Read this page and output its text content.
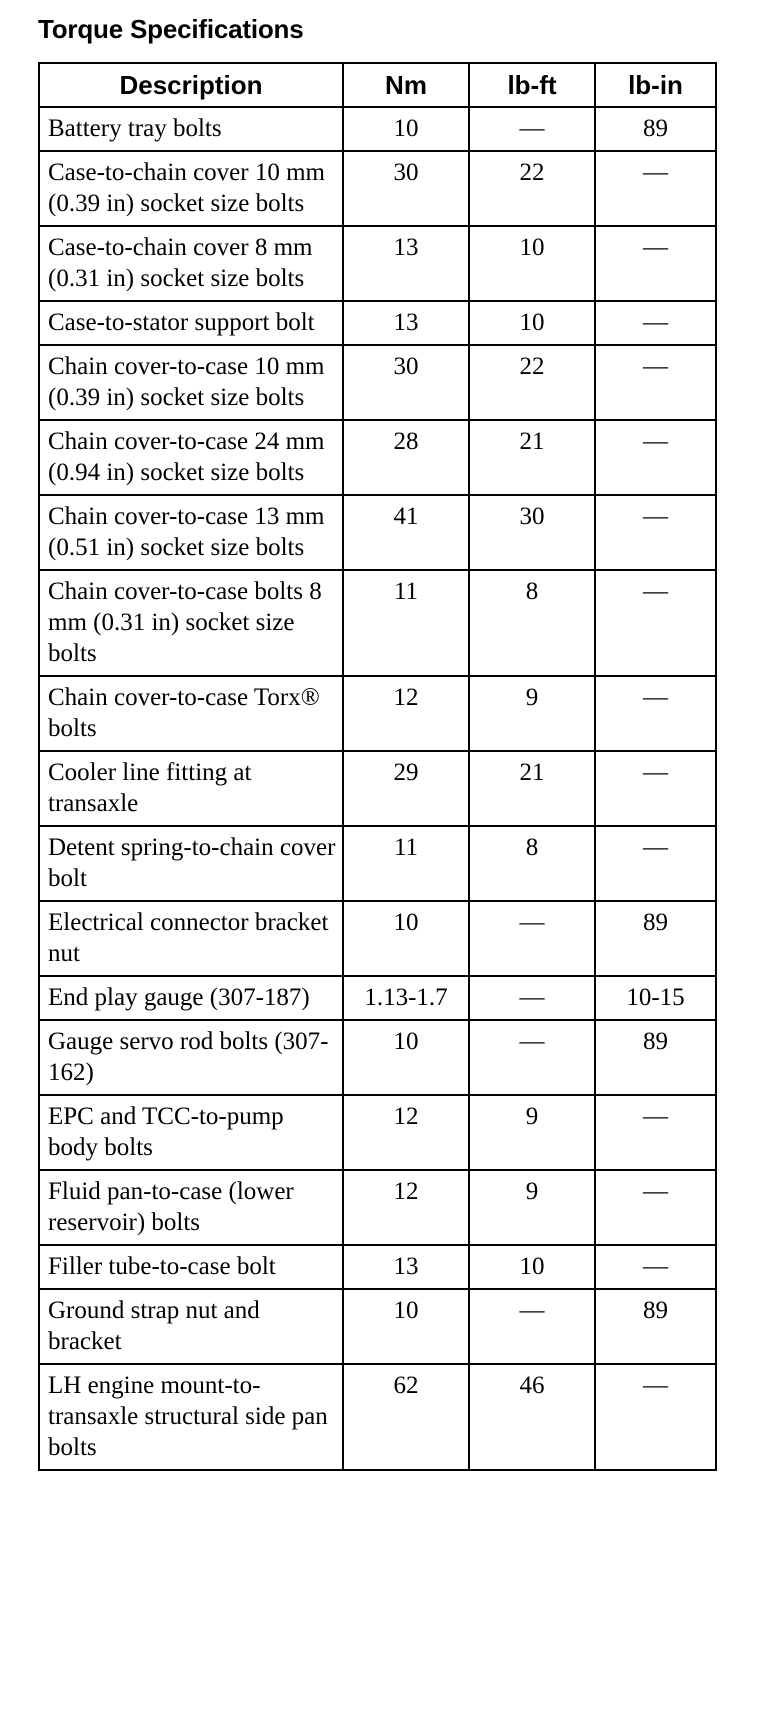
Torque Specifications
Description	Nm	lb-ft	lb-in
Battery tray bolts	10	—	89
Case-to-chain cover 10 mm (0.39 in) socket size bolts	30	22	—
Case-to-chain cover 8 mm (0.31 in) socket size bolts	13	10	—
Case-to-stator support bolt	13	10	—
Chain cover-to-case 10 mm (0.39 in) socket size bolts	30	22	—
Chain cover-to-case 24 mm (0.94 in) socket size bolts	28	21	—
Chain cover-to-case 13 mm (0.51 in) socket size bolts	41	30	—
Chain cover-to-case bolts 8 mm (0.31 in) socket size bolts	11	8	—
Chain cover-to-case Torx® bolts	12	9	—
Cooler line fitting at transaxle	29	21	—
Detent spring-to-chain cover bolt	11	8	—
Electrical connector bracket nut	10	—	89
End play gauge (307-187)	1.13-1.7	—	10-15
Gauge servo rod bolts (307-162)	10	—	89
EPC and TCC-to-pump body bolts	12	9	—
Fluid pan-to-case (lower reservoir) bolts	12	9	—
Filler tube-to-case bolt	13	10	—
Ground strap nut and bracket	10	—	89
LH engine mount-to-transaxle structural side pan bolts	62	46	—
